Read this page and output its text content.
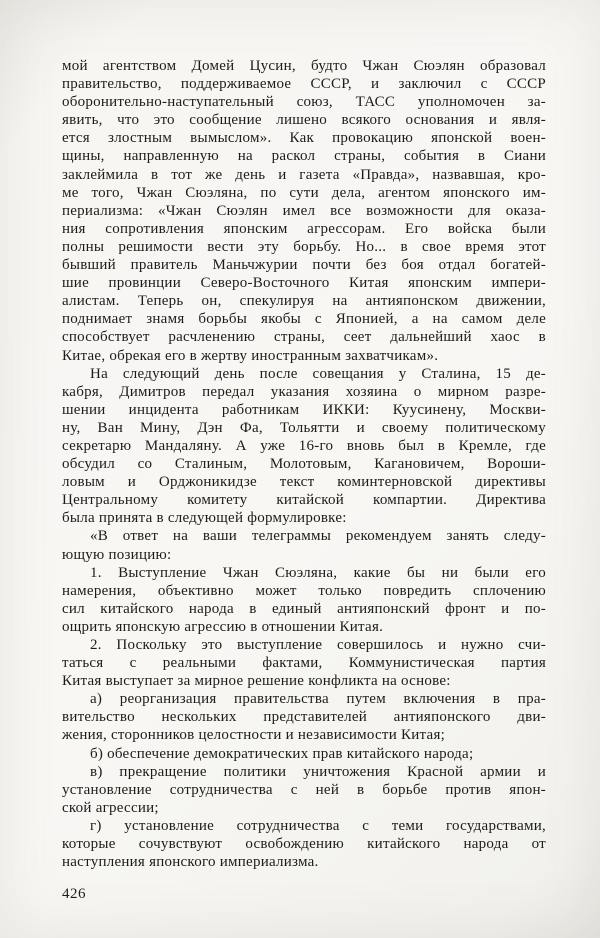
мой агентством Домей Цусин, будто Чжан Сюэлян образовал
правительство, поддерживаемое СССР, и заключил с СССР
оборонительно-наступательный союз, ТАСС уполномочен за-
явить, что это сообщение лишено всякого основания и явля-
ется злостным вымыслом». Как провокацию японской воен-
щины, направленную на раскол страны, события в Сиани
заклеймила в тот же день и газета «Правда», назвавшая, кро-
ме того, Чжан Сюэляна, по сути дела, агентом японского им-
периализма: «Чжан Сюэлян имел все возможности для оказа-
ния сопротивления японским агрессорам. Его войска были
полны решимости вести эту борьбу. Но... в свое время этот
бывший правитель Маньчжурии почти без боя отдал богатей-
шие провинции Северо-Восточного Китая японским импери-
алистам. Теперь он, спекулируя на антияпонском движении,
поднимает знамя борьбы якобы с Японией, а на самом деле
способствует расчленению страны, сеет дальнейший хаос в
Китае, обрекая его в жертву иностранным захватчикам».
На следующий день после совещания у Сталина, 15 де-
кабря, Димитров передал указания хозяина о мирном разре-
шении инцидента работникам ИККИ: Куусинену, Москви-
ну, Ван Мину, Дэн Фа, Тольятти и своему политическому
секретарю Мандаляну. А уже 16-го вновь был в Кремле, где
обсудил со Сталиным, Молотовым, Кагановичем, Вороши-
ловым и Орджоникидзе текст коминтерновской директивы
Центральному комитету китайской компартии. Директива
была принята в следующей формулировке:
«В ответ на ваши телеграммы рекомендуем занять следу-
ющую позицию:
1. Выступление Чжан Сюэляна, какие бы ни были его
намерения, объективно может только повредить сплочению
сил китайского народа в единый антияпонский фронт и по-
ощрить японскую агрессию в отношении Китая.
2. Поскольку это выступление совершилось и нужно счи-
таться с реальными фактами, Коммунистическая партия
Китая выступает за мирное решение конфликта на основе:
а) реорганизация правительства путем включения в пра-
вительство нескольких представителей антияпонского дви-
жения, сторонников целостности и независимости Китая;
б) обеспечение демократических прав китайского народа;
в) прекращение политики уничтожения Красной армии и
установление сотрудничества с ней в борьбе против япон-
ской агрессии;
г) установление сотрудничества с теми государствами,
которые сочувствуют освобождению китайского народа от
наступления японского империализма.
426
